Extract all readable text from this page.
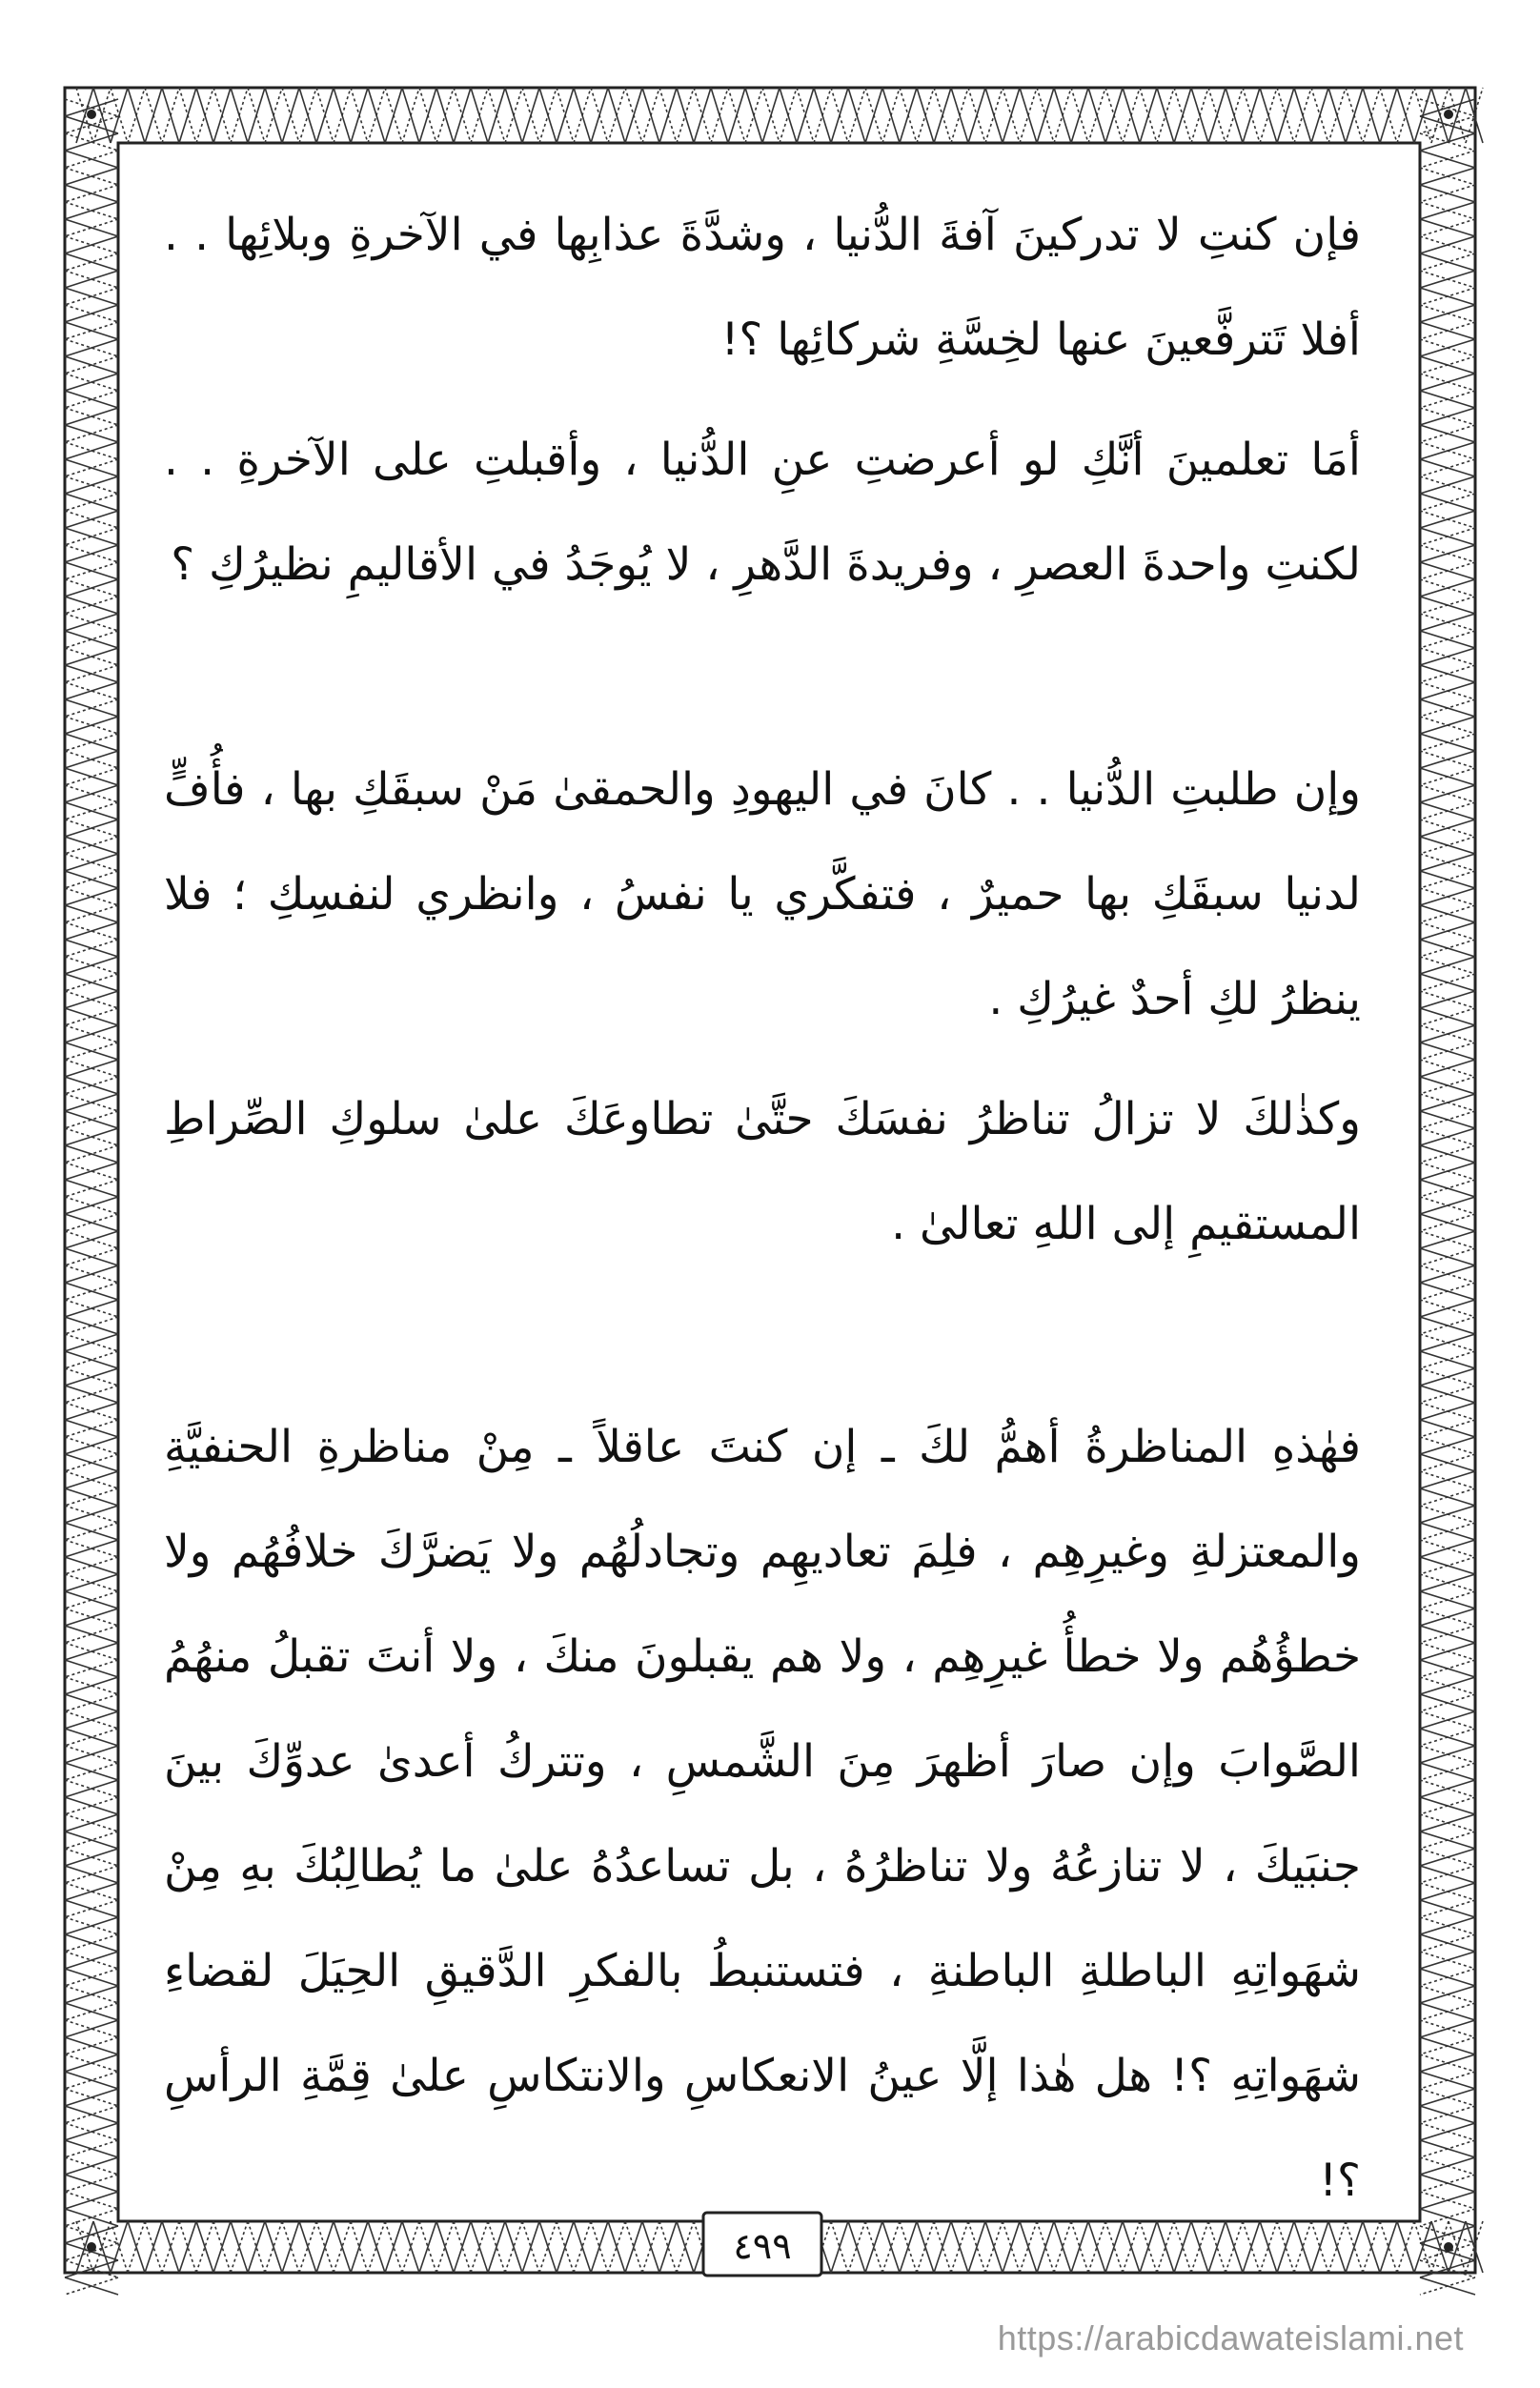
فإن كنتِ لا تدركينَ آفةَ الدُّنيا ، وشدَّةَ عذابِها في الآخرةِ وبلائِها . . أفلا تَترفَّعينَ عنها لخِسَّةِ شركائِها ؟!

أمَا تعلمينَ أنَّكِ لو أعرضتِ عنِ الدُّنيا ، وأقبلتِ على الآخرةِ . . لكنتِ واحدةَ العصرِ ، وفريدةَ الدَّهرِ ، لا يُوجَدُ في الأقاليمِ نظيرُكِ ؟

وإن طلبتِ الدُّنيا . . كانَ في اليهودِ والحمقىٰ مَنْ سبقَكِ بها ، فأُفٍّ لدنيا سبقَكِ بها حميرٌ ، فتفكَّري يا نفسُ ، وانظري لنفسِكِ ؛ فلا ينظرُ لكِ أحدٌ غيرُكِ .

وكذٰلكَ لا تزالُ تناظرُ نفسَكَ حتَّىٰ تطاوعَكَ علىٰ سلوكِ الصِّراطِ المستقيمِ إلى اللهِ تعالىٰ .

فهٰذهِ المناظرةُ أهمُّ لكَ ـ إن كنتَ عاقلاً ـ مِنْ مناظرةِ الحنفيَّةِ والمعتزلةِ وغيرِهِم ، فلِمَ تعاديهِم وتجادلُهُم ولا يَضرَّكَ خلافُهُم ولا خطؤُهُم ولا خطأُ غيرِهِم ، ولا هم يقبلونَ منكَ ، ولا أنتَ تقبلُ منهُمُ الصَّوابَ وإن صارَ أظهرَ مِنَ الشَّمسِ ، وتتركُ أعدىٰ عدوِّكَ بينَ جنبَيكَ ، لا تنازعُهُ ولا تناظرُهُ ، بل تساعدُهُ علىٰ ما يُطالِبُكَ بهِ مِنْ شهَواتِهِ الباطلةِ الباطنةِ ، فتستنبطُ بالفكرِ الدَّقيقِ الحِيَلَ لقضاءِ شهَواتِهِ ؟! هل هٰذا إلَّا عينُ الانعكاسِ والانتكاسِ علىٰ قِمَّةِ الرأسِ ؟!

٤٩٩
https://arabicdawateislami.net
